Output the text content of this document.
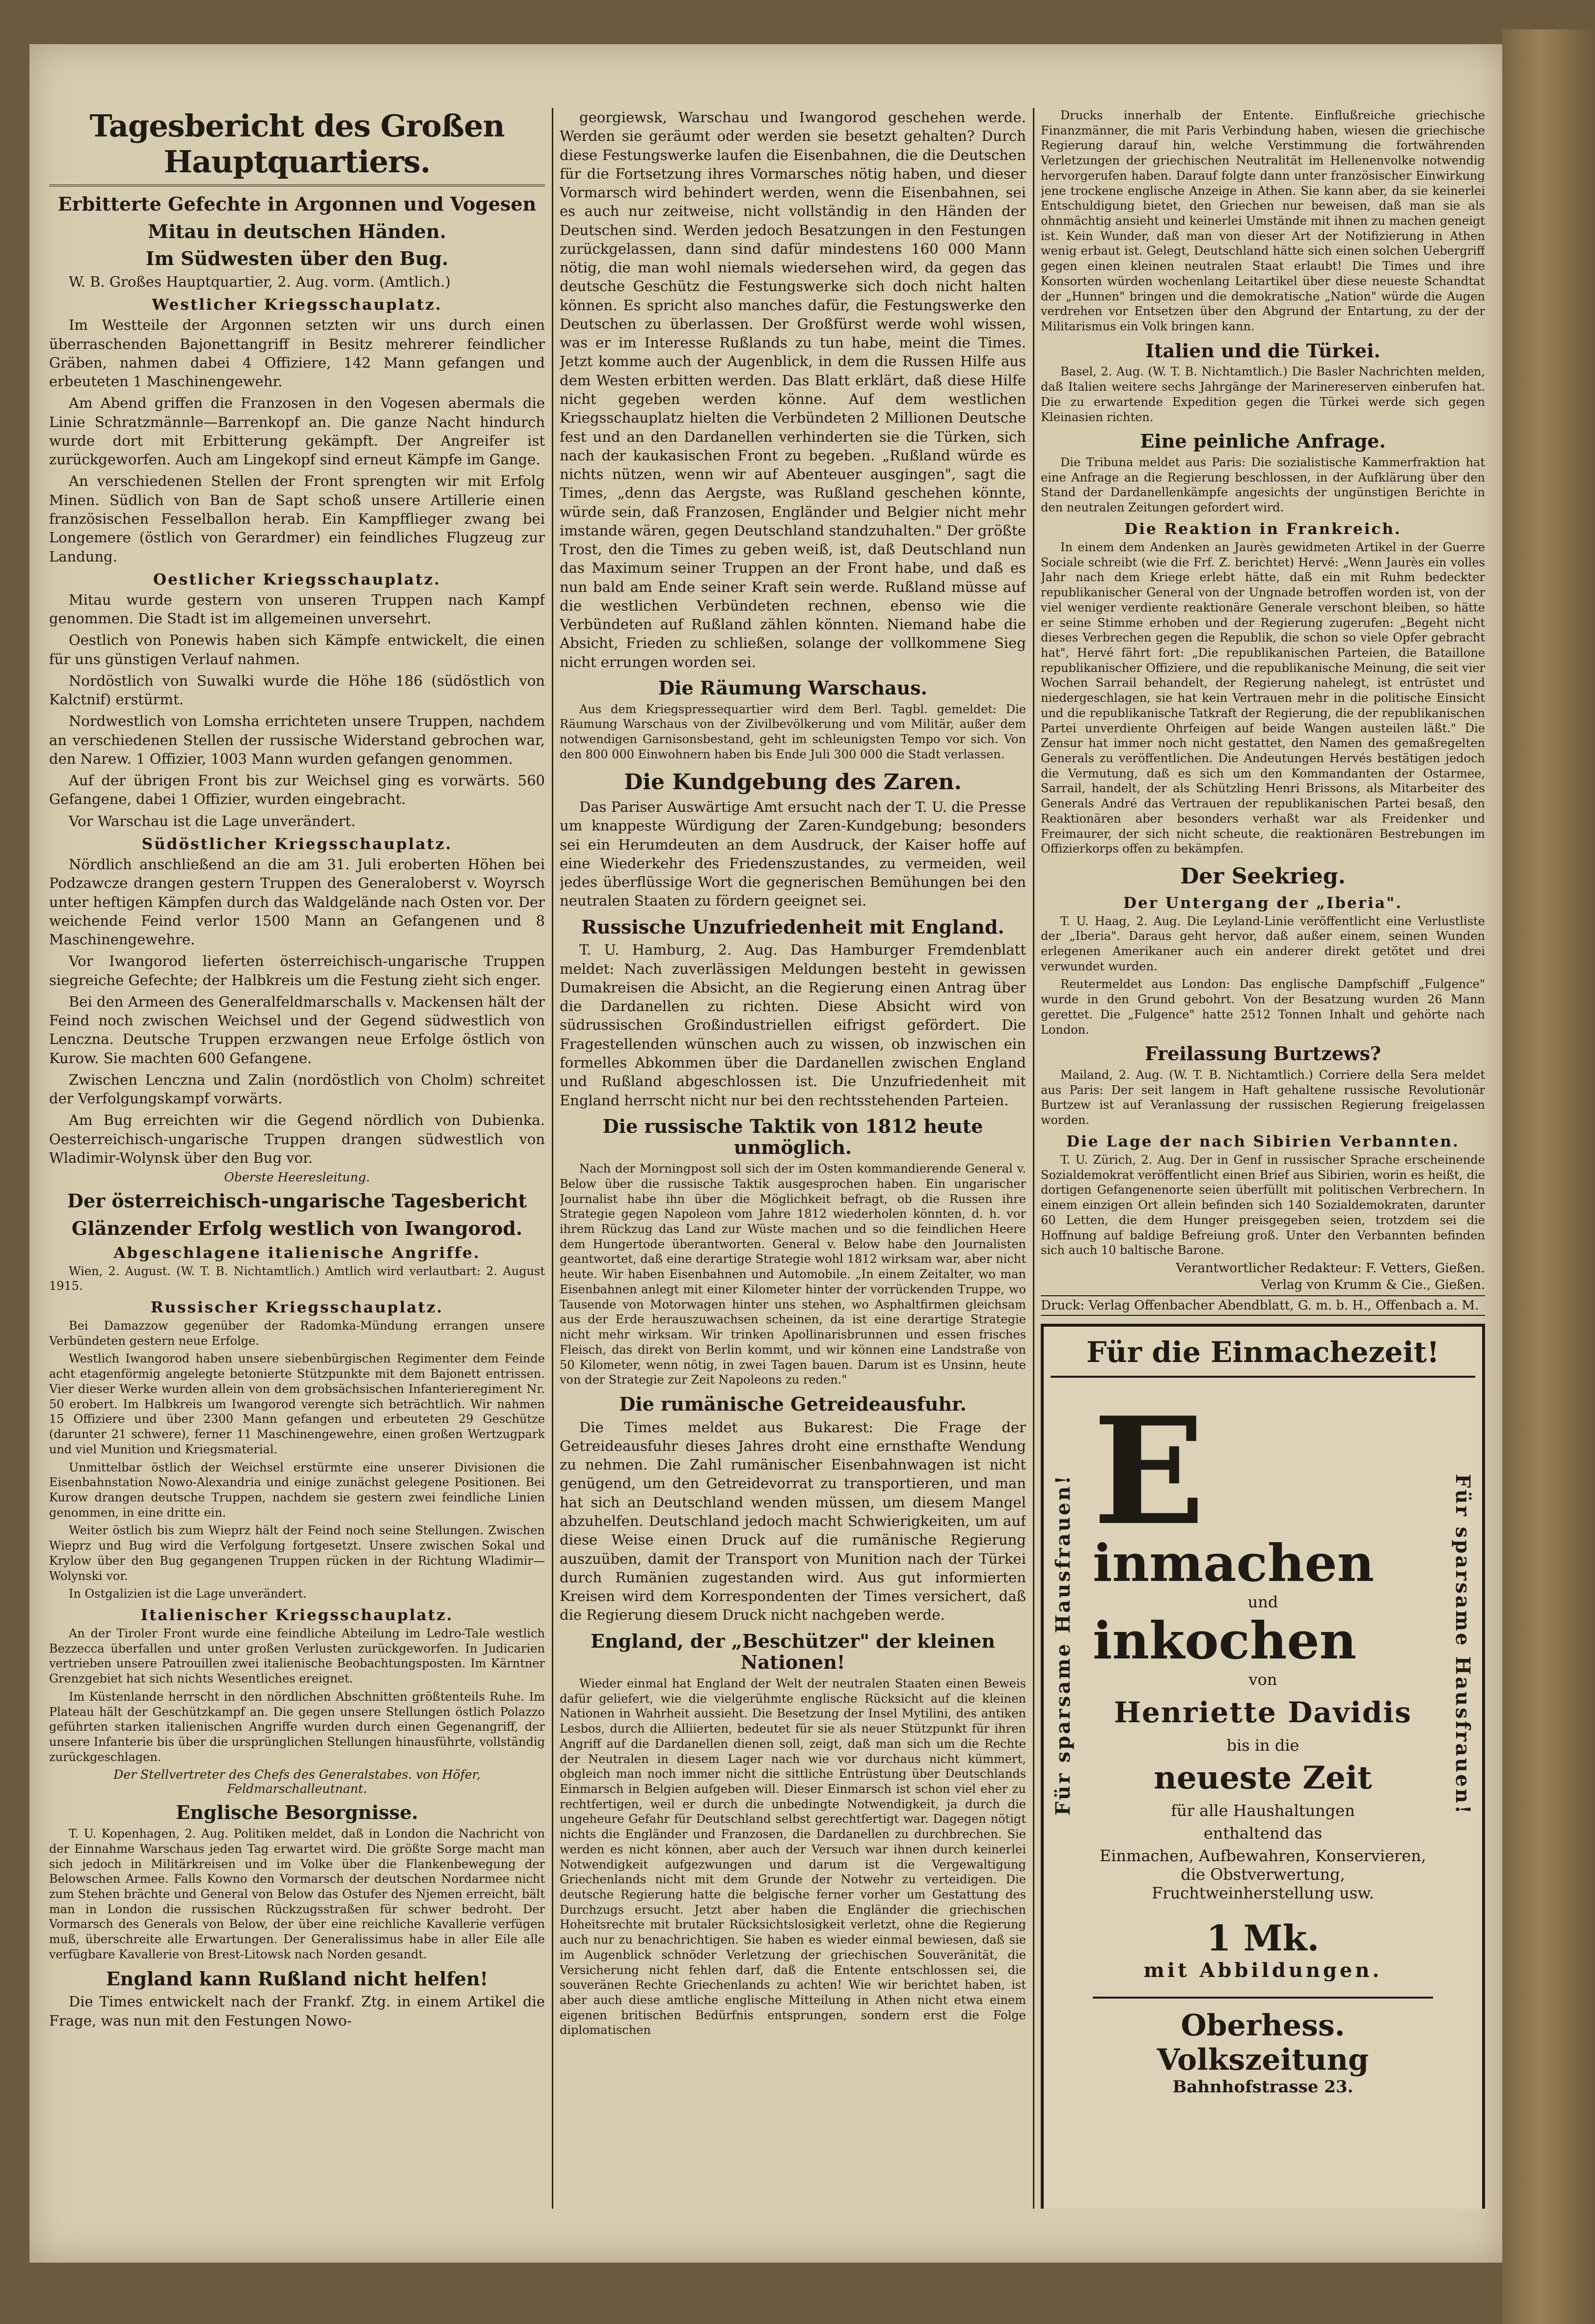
Tagesbericht des Großen Hauptquartiers.
Erbitterte Gefechte in Argonnen und Vogesen
Mitau in deutschen Händen.
Im Südwesten über den Bug.

W. B. Großes Hauptquartier, 2. Aug. vorm. (Amtlich.)

Westlicher Kriegsschauplatz.

Im Westteile der Argonnen setzten wir uns durch einen überraschenden Bajonettangriff in Besitz mehrerer feindlicher Gräben, nahmen dabei 4 Offiziere, 142 Mann gefangen und erbeuteten 1 Maschinengewehr.

Am Abend griffen die Franzosen in den Vogesen abermals die Linie Schratzmännle—Barrenkopf an. Die ganze Nacht hindurch wurde dort mit Erbitterung gekämpft. Der Angreifer ist zurückgeworfen. Auch am Lingekopf sind erneut Kämpfe im Gange.

An verschiedenen Stellen der Front sprengten wir mit Erfolg Minen. Südlich von Ban de Sapt schoß unsere Artillerie einen französischen Fesselballon herab. Ein Kampfflieger zwang bei Longemere (östlich von Gerardmer) ein feindliches Flugzeug zur Landung.

Oestlicher Kriegsschauplatz.

Mitau wurde gestern von unseren Truppen nach Kampf genommen. Die Stadt ist im allgemeinen unversehrt.

Oestlich von Ponewis haben sich Kämpfe entwickelt, die einen für uns günstigen Verlauf nahmen.

Nordöstlich von Suwalki wurde die Höhe 186 (südöstlich von Kalctnif) erstürmt.

Nordwestlich von Lomsha errichteten unsere Truppen, nachdem an verschiedenen Stellen der russische Widerstand gebrochen war, den Narew. 1 Offizier, 1003 Mann wurden gefangen genommen.

Auf der übrigen Front bis zur Weichsel ging es vorwärts. 560 Gefangene, dabei 1 Offizier, wurden eingebracht.

Vor Warschau ist die Lage unverändert.

Südöstlicher Kriegsschauplatz.

Nördlich anschließend an die am 31. Juli eroberten Höhen bei Podzawcze drangen gestern Truppen des Generaloberst v. Woyrsch unter heftigen Kämpfen durch das Waldgelände nach Osten vor. Der weichende Feind verlor 1500 Mann an Gefangenen und 8 Maschinengewehre.

Vor Iwangorod lieferten österreichisch-ungarische Truppen siegreiche Gefechte; der Halbkreis um die Festung zieht sich enger.

Bei den Armeen des Generalfeldmarschalls v. Mackensen hält der Feind noch zwischen Weichsel und der Gegend südwestlich von Lenczna. Deutsche Truppen erzwangen neue Erfolge östlich von Kurow. Sie machten 600 Gefangene.

Zwischen Lenczna und Zalin (nordöstlich von Cholm) schreitet der Verfolgungskampf vorwärts.

Am Bug erreichten wir die Gegend nördlich von Dubienka. Oesterreichisch-ungarische Truppen drangen südwestlich von Wladimir-Wolynsk über den Bug vor.

Oberste Heeresleitung.
Der österreichisch-ungarische Tagesbericht
Glänzender Erfolg westlich von Iwangorod.
Abgeschlagene italienische Angriffe.

Wien, 2. August. (W. T. B. Nichtamtlich.) Amtlich wird verlautbart: 2. August 1915.

Russischer Kriegsschauplatz.

Bei Damazzow gegenüber der Radomka-Mündung errangen unsere Verbündeten gestern neue Erfolge.

Westlich Iwangorod haben unsere siebenbürgischen Regimenter dem Feinde acht etagenförmig angelegte betonierte Stützpunkte mit dem Bajonett entrissen. Vier dieser Werke wurden allein von dem grobsächsischen Infanterieregiment Nr. 50 erobert. Im Halbkreis um Iwangorod verengte sich beträchtlich. Wir nahmen 15 Offiziere und über 2300 Mann gefangen und erbeuteten 29 Geschütze (darunter 21 schwere), ferner 11 Maschinengewehre, einen großen Wertzugpark und viel Munition und Kriegsmaterial.

Unmittelbar östlich der Weichsel erstürmte eine unserer Divisionen die Eisenbahnstation Nowo-Alexandria und einige zunächst gelegene Positionen. Bei Kurow drangen deutsche Truppen, nachdem sie gestern zwei feindliche Linien genommen, in eine dritte ein.

Weiter östlich bis zum Wieprz hält der Feind noch seine Stellungen. Zwischen Wieprz und Bug wird die Verfolgung fortgesetzt. Unsere zwischen Sokal und Krylow über den Bug gegangenen Truppen rücken in der Richtung Wladimir—Wolynski vor.

In Ostgalizien ist die Lage unverändert.

Italienischer Kriegsschauplatz.

An der Tiroler Front wurde eine feindliche Abteilung im Ledro-Tale westlich Bezzecca überfallen und unter großen Verlusten zurückgeworfen. In Judicarien vertrieben unsere Patrouillen zwei italienische Beobachtungsposten. Im Kärntner Grenzgebiet hat sich nichts Wesentliches ereignet.

Im Küstenlande herrscht in den nördlichen Abschnitten größtenteils Ruhe. Im Plateau hält der Geschützkampf an. Die gegen unsere Stellungen östlich Polazzo geführten starken italienischen Angriffe wurden durch einen Gegenangriff, der unsere Infanterie bis über die ursprünglichen Stellungen hinausführte, vollständig zurückgeschlagen.

Der Stellvertreter des Chefs des Generalstabes. von Höfer, Feldmarschalleutnant.
Englische Besorgnisse.

T. U. Kopenhagen, 2. Aug. Politiken meldet, daß in London die Nachricht von der Einnahme Warschaus jeden Tag erwartet wird. Die größte Sorge macht man sich jedoch in Militärkreisen und im Volke über die Flankenbewegung der Belowschen Armee. Falls Kowno den Vormarsch der deutschen Nordarmee nicht zum Stehen brächte und General von Below das Ostufer des Njemen erreicht, bält man in London die russischen Rückzugsstraßen für schwer bedroht. Der Vormarsch des Generals von Below, der über eine reichliche Kavallerie verfügen muß, überschreite alle Erwartungen. Der Generalissimus habe in aller Eile alle verfügbare Kavallerie von Brest-Litowsk nach Norden gesandt.

England kann Rußland nicht helfen!

Die Times entwickelt nach der Frankf. Ztg. in einem Artikel die Frage, was nun mit den Festungen Nowo-

georgiewsk, Warschau und Iwangorod geschehen werde. Werden sie geräumt oder werden sie besetzt gehalten? Durch diese Festungswerke laufen die Eisenbahnen, die die Deutschen für die Fortsetzung ihres Vormarsches nötig haben, und dieser Vormarsch wird behindert werden, wenn die Eisenbahnen, sei es auch nur zeitweise, nicht vollständig in den Händen der Deutschen sind. Werden jedoch Besatzungen in den Festungen zurückgelassen, dann sind dafür mindestens 160 000 Mann nötig, die man wohl niemals wiedersehen wird, da gegen das deutsche Geschütz die Festungswerke sich doch nicht halten können. Es spricht also manches dafür, die Festungswerke den Deutschen zu überlassen. Der Großfürst werde wohl wissen, was er im Interesse Rußlands zu tun habe, meint die Times. Jetzt komme auch der Augenblick, in dem die Russen Hilfe aus dem Westen erbitten werden. Das Blatt erklärt, daß diese Hilfe nicht gegeben werden könne. Auf dem westlichen Kriegsschauplatz hielten die Verbündeten 2 Millionen Deutsche fest und an den Dardanellen verhinderten sie die Türken, sich nach der kaukasischen Front zu begeben. „Rußland würde es nichts nützen, wenn wir auf Abenteuer ausgingen", sagt die Times, „denn das Aergste, was Rußland geschehen könnte, würde sein, daß Franzosen, Engländer und Belgier nicht mehr imstande wären, gegen Deutschland standzuhalten." Der größte Trost, den die Times zu geben weiß, ist, daß Deutschland nun das Maximum seiner Truppen an der Front habe, und daß es nun bald am Ende seiner Kraft sein werde. Rußland müsse auf die westlichen Verbündeten rechnen, ebenso wie die Verbündeten auf Rußland zählen könnten. Niemand habe die Absicht, Frieden zu schließen, solange der vollkommene Sieg nicht errungen worden sei.

Die Räumung Warschaus.

Aus dem Kriegspressequartier wird dem Berl. Tagbl. gemeldet: Die Räumung Warschaus von der Zivilbevölkerung und vom Militär, außer dem notwendigen Garnisonsbestand, geht im schleunigsten Tempo vor sich. Von den 800 000 Einwohnern haben bis Ende Juli 300 000 die Stadt verlassen.

Die Kundgebung des Zaren.

Das Pariser Auswärtige Amt ersucht nach der T. U. die Presse um knappeste Würdigung der Zaren-Kundgebung; besonders sei ein Herumdeuten an dem Ausdruck, der Kaiser hoffe auf eine Wiederkehr des Friedenszustandes, zu vermeiden, weil jedes überflüssige Wort die gegnerischen Bemühungen bei den neutralen Staaten zu fördern geeignet sei.

Russische Unzufriedenheit mit England.

T. U. Hamburg, 2. Aug. Das Hamburger Fremdenblatt meldet: Nach zuverlässigen Meldungen besteht in gewissen Dumakreisen die Absicht, an die Regierung einen Antrag über die Dardanellen zu richten. Diese Absicht wird von südrussischen Großindustriellen eifrigst gefördert. Die Fragestellenden wünschen auch zu wissen, ob inzwischen ein formelles Abkommen über die Dardanellen zwischen England und Rußland abgeschlossen ist. Die Unzufriedenheit mit England herrscht nicht nur bei den rechtsstehenden Parteien.

Die russische Taktik von 1812 heute unmöglich.

Nach der Morningpost soll sich der im Osten kommandierende General v. Below über die russische Taktik ausgesprochen haben. Ein ungarischer Journalist habe ihn über die Möglichkeit befragt, ob die Russen ihre Strategie gegen Napoleon vom Jahre 1812 wiederholen könnten, d. h. vor ihrem Rückzug das Land zur Wüste machen und so die feindlichen Heere dem Hungertode überantworten. General v. Below habe den Journalisten geantwortet, daß eine derartige Strategie wohl 1812 wirksam war, aber nicht heute. Wir haben Eisenbahnen und Automobile. „In einem Zeitalter, wo man Eisenbahnen anlegt mit einer Kilometer hinter der vorrückenden Truppe, wo Tausende von Motorwagen hinter uns stehen, wo Asphaltfirmen gleichsam aus der Erde herauszuwachsen scheinen, da ist eine derartige Strategie nicht mehr wirksam. Wir trinken Apollinarisbrunnen und essen frisches Fleisch, das direkt von Berlin kommt, und wir können eine Landstraße von 50 Kilometer, wenn nötig, in zwei Tagen bauen. Darum ist es Unsinn, heute von der Strategie zur Zeit Napoleons zu reden."

Die rumänische Getreideausfuhr.

Die Times meldet aus Bukarest: Die Frage der Getreideausfuhr dieses Jahres droht eine ernsthafte Wendung zu nehmen. Die Zahl rumänischer Eisenbahnwagen ist nicht genügend, um den Getreidevorrat zu transportieren, und man hat sich an Deutschland wenden müssen, um diesem Mangel abzuhelfen. Deutschland jedoch macht Schwierigkeiten, um auf diese Weise einen Druck auf die rumänische Regierung auszuüben, damit der Transport von Munition nach der Türkei durch Rumänien zugestanden wird. Aus gut informierten Kreisen wird dem Korrespondenten der Times versichert, daß die Regierung diesem Druck nicht nachgeben werde.

England, der „Beschützer" der kleinen Nationen!

Wieder einmal hat England der Welt der neutralen Staaten einen Beweis dafür geliefert, wie die vielgerühmte englische Rücksicht auf die kleinen Nationen in Wahrheit aussieht. Die Besetzung der Insel Mytilini, des antiken Lesbos, durch die Alliierten, bedeutet für sie als neuer Stützpunkt für ihren Angriff auf die Dardanellen dienen soll, zeigt, daß man sich um die Rechte der Neutralen in diesem Lager nach wie vor durchaus nicht kümmert, obgleich man noch immer nicht die sittliche Entrüstung über Deutschlands Einmarsch in Belgien aufgeben will. Dieser Einmarsch ist schon viel eher zu rechtfertigen, weil er durch die unbedingte Notwendigkeit, ja durch die ungeheure Gefahr für Deutschland selbst gerechtfertigt war. Dagegen nötigt nichts die Engländer und Franzosen, die Dardanellen zu durchbrechen. Sie werden es nicht können, aber auch der Versuch war ihnen durch keinerlei Notwendigkeit aufgezwungen und darum ist die Vergewaltigung Griechenlands nicht mit dem Grunde der Notwehr zu verteidigen. Die deutsche Regierung hatte die belgische ferner vorher um Gestattung des Durchzugs ersucht. Jetzt aber haben die Engländer die griechischen Hoheitsrechte mit brutaler Rücksichtslosigkeit verletzt, ohne die Regierung auch nur zu benachrichtigen. Sie haben es wieder einmal bewiesen, daß sie im Augenblick schnöder Verletzung der griechischen Souveränität, die Versicherung nicht fehlen darf, daß die Entente entschlossen sei, die souveränen Rechte Griechenlands zu achten! Wie wir berichtet haben, ist aber auch diese amtliche englische Mitteilung in Athen nicht etwa einem eigenen britischen Bedürfnis entsprungen, sondern erst die Folge diplomatischen

Drucks innerhalb der Entente. Einflußreiche griechische Finanzmänner, die mit Paris Verbindung haben, wiesen die griechische Regierung darauf hin, welche Verstimmung die fortwährenden Verletzungen der griechischen Neutralität im Hellenenvolke notwendig hervorgerufen haben. Darauf folgte dann unter französischer Einwirkung jene trockene englische Anzeige in Athen. Sie kann aber, da sie keinerlei Entschuldigung bietet, den Griechen nur beweisen, daß man sie als ohnmächtig ansieht und keinerlei Umstände mit ihnen zu machen geneigt ist. Kein Wunder, daß man von dieser Art der Notifizierung in Athen wenig erbaut ist. Gelegt, Deutschland hätte sich einen solchen Uebergriff gegen einen kleinen neutralen Staat erlaubt! Die Times und ihre Konsorten würden wochenlang Leitartikel über diese neueste Schandtat der „Hunnen" bringen und die demokratische „Nation" würde die Augen verdrehen vor Entsetzen über den Abgrund der Entartung, zu der der Militarismus ein Volk bringen kann.

Italien und die Türkei.

Basel, 2. Aug. (W. T. B. Nichtamtlich.) Die Basler Nachrichten melden, daß Italien weitere sechs Jahrgänge der Marinereserven einberufen hat. Die zu erwartende Expedition gegen die Türkei werde sich gegen Kleinasien richten.

Eine peinliche Anfrage.

Die Tribuna meldet aus Paris: Die sozialistische Kammerfraktion hat eine Anfrage an die Regierung beschlossen, in der Aufklärung über den Stand der Dardanellenkämpfe angesichts der ungünstigen Berichte in den neutralen Zeitungen gefordert wird.

Die Reaktion in Frankreich.

In einem dem Andenken an Jaurès gewidmeten Artikel in der Guerre Sociale schreibt (wie die Frf. Z. berichtet) Hervé: „Wenn Jaurès ein volles Jahr nach dem Kriege erlebt hätte, daß ein mit Ruhm bedeckter republikanischer General von der Ungnade betroffen worden ist, von der viel weniger verdiente reaktionäre Generale verschont bleiben, so hätte er seine Stimme erhoben und der Regierung zugerufen: „Begeht nicht dieses Verbrechen gegen die Republik, die schon so viele Opfer gebracht hat", Hervé fährt fort: „Die republikanischen Parteien, die Bataillone republikanischer Offiziere, und die republikanische Meinung, die seit vier Wochen Sarrail behandelt, der Regierung nahelegt, ist entrüstet und niedergeschlagen, sie hat kein Vertrauen mehr in die politische Einsicht und die republikanische Tatkraft der Regierung, die der republikanischen Partei unverdiente Ohrfeigen auf beide Wangen austeilen läßt." Die Zensur hat immer noch nicht gestattet, den Namen des gemaßregelten Generals zu veröffentlichen. Die Andeutungen Hervés bestätigen jedoch die Vermutung, daß es sich um den Kommandanten der Ostarmee, Sarrail, handelt, der als Schützling Henri Brissons, als Mitarbeiter des Generals André das Vertrauen der republikanischen Partei besaß, den Reaktionären aber besonders verhaßt war als Freidenker und Freimaurer, der sich nicht scheute, die reaktionären Bestrebungen im Offizierkorps offen zu bekämpfen.

Der Seekrieg.
Der Untergang der „Iberia".

T. U. Haag, 2. Aug. Die Leyland-Linie veröffentlicht eine Verlustliste der „Iberia". Daraus geht hervor, daß außer einem, seinen Wunden erlegenen Amerikaner auch ein anderer direkt getötet und drei verwundet wurden.

Reutermeldet aus London: Das englische Dampfschiff „Fulgence" wurde in den Grund gebohrt. Von der Besatzung wurden 26 Mann gerettet. Die „Fulgence" hatte 2512 Tonnen Inhalt und gehörte nach London.

Freilassung Burtzews?

Mailand, 2. Aug. (W. T. B. Nichtamtlich.) Corriere della Sera meldet aus Paris: Der seit langem in Haft gehaltene russische Revolutionär Burtzew ist auf Veranlassung der russischen Regierung freigelassen worden.

Die Lage der nach Sibirien Verbannten.

T. U. Zürich, 2. Aug. Der in Genf in russischer Sprache erscheinende Sozialdemokrat veröffentlicht einen Brief aus Sibirien, worin es heißt, die dortigen Gefangenenorte seien überfüllt mit politischen Verbrechern. In einem einzigen Ort allein befinden sich 140 Sozialdemokraten, darunter 60 Letten, die dem Hunger preisgegeben seien, trotzdem sei die Hoffnung auf baldige Befreiung groß. Unter den Verbannten befinden sich auch 10 baltische Barone.

Verantwortlicher Redakteur: F. Vetters, Gießen.
Verlag von Krumm & Cie., Gießen.
Druck: Verlag Offenbacher Abendblatt, G. m. b. H., Offenbach a. M.
Für die Einmachezeit!
Für sparsame Hausfrauen!	Für sparsame Hausfrauen!
E
inmachen
und
inkochen
von
Henriette Davidis
bis in die
neueste Zeit
für alle Haushaltungen
enthaltend das
Einmachen, Aufbewahren, Konservieren, die Obstverwertung, Fruchtweinherstellung usw.
1 Mk.
mit Abbildungen.
Oberhess. Volkszeitung
Bahnhofstrasse 23.
